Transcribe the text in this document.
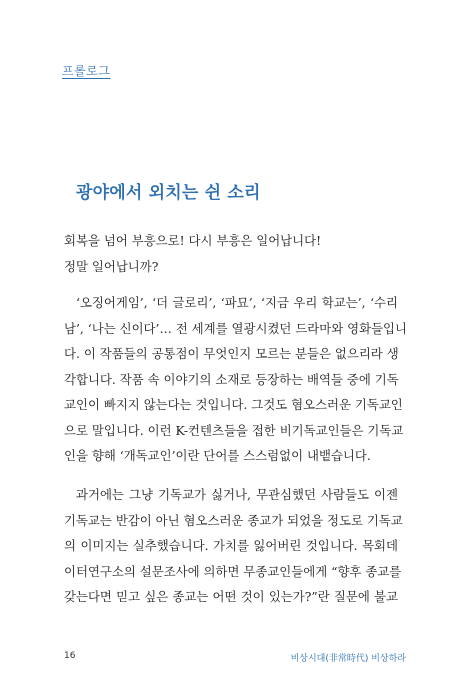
프롤로그
광야에서 외치는 쉰 소리
회복을 넘어 부흥으로! 다시 부흥은 일어납니다!
정말 일어납니까?
‘오징어게임’, ‘더 글로리’, ‘파묘’, ‘지금 우리 학교는’, ‘수리
남’, ‘나는 신이다’… 전 세계를 열광시켰던 드라마와 영화들입니
다. 이 작품들의 공통점이 무엇인지 모르는 분들은 없으리라 생
각합니다. 작품 속 이야기의 소재로 등장하는 배역들 중에 기독
교인이 빠지지 않는다는 것입니다. 그것도 혐오스러운 기독교인
으로 말입니다. 이런 K-컨텐츠들을 접한 비기독교인들은 기독교
인을 향해 ‘개독교인’이란 단어를 스스럼없이 내뱉습니다.
과거에는 그냥 기독교가 싫거나, 무관심했던 사람들도 이젠
기독교는 반감이 아닌 혐오스러운 종교가 되었을 정도로 기독교
의 이미지는 실추했습니다. 가치를 잃어버린 것입니다. 목회데
이터연구소의 설문조사에 의하면 무종교인들에게 “향후 종교를
갖는다면 믿고 싶은 종교는 어떤 것이 있는가?”란 질문에 불교
16	비상시대(非常時代) 비상하라
